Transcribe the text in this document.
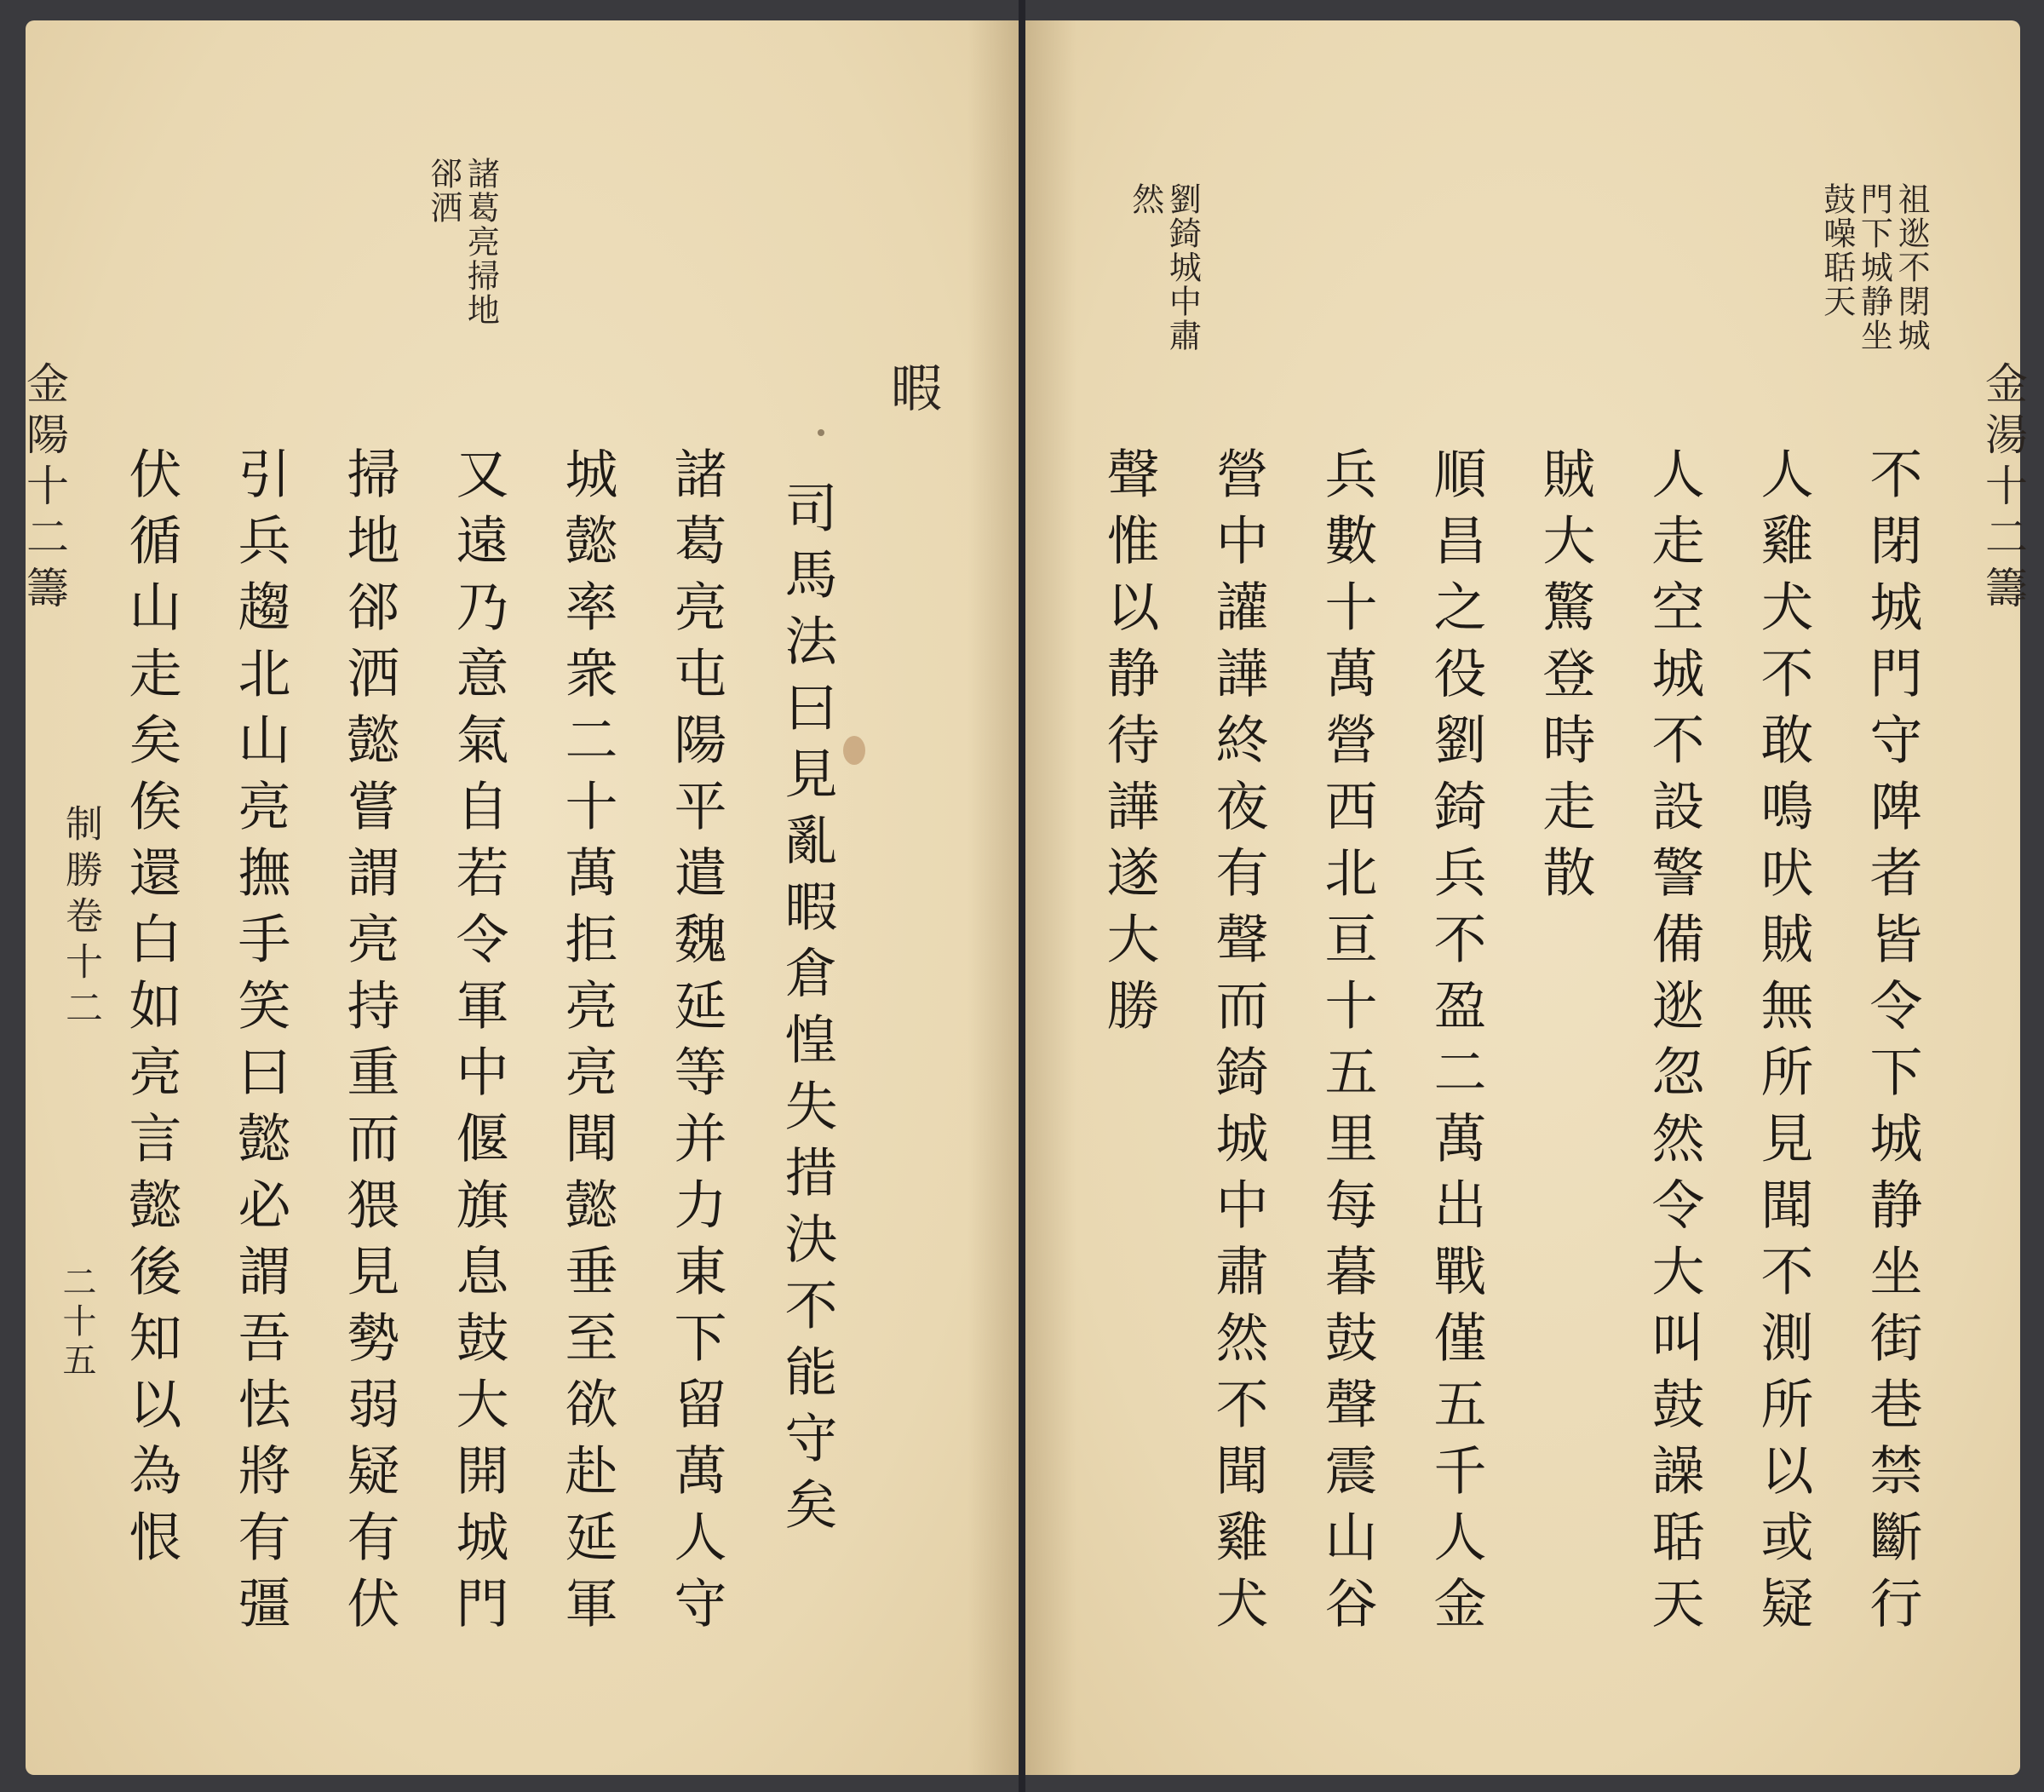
諸葛亮掃地郤洒
暇
司馬法曰見亂暇倉惶失措決不能守矣
諸葛亮屯陽平遣魏延等并力東下留萬人守
城懿率衆二十萬拒亮亮聞懿垂至欲赴延軍
又遠乃意氣自若令軍中偃旗息鼓大開城門
掃地郤洒懿嘗謂亮持重而猥見勢弱疑有伏
引兵趨北山亮撫手笑曰懿必謂吾怯將有彊
伏循山走矣俟還白如亮言懿後知以為恨
金陽十二籌
制勝卷十二
二十五
祖逖不閉城門下城静坐鼓噪聒天
劉錡城中肅然
不閉城門守陴者皆令下城静坐街巷禁斷行
人雞犬不敢鳴吠賊無所見聞不測所以或疑
人走空城不設警備逖忽然令大叫鼓譟聒天
賊大驚登時走散
順昌之役劉錡兵不盈二萬出戰僅五千人金
兵數十萬營西北亘十五里每暮鼓聲震山谷
營中讙譁終夜有聲而錡城中肅然不聞雞犬
聲惟以静待譁遂大勝	金湯十二籌
